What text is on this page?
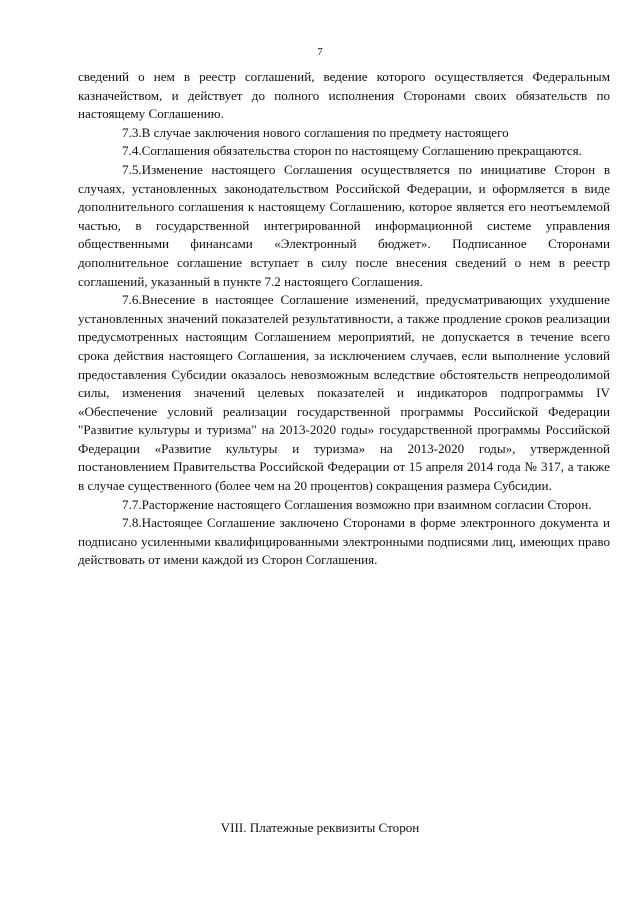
7

сведений о нем в реестр соглашений, ведение которого осуществляется Федеральным казначейством, и действует до полного исполнения Сторонами своих обязательств по настоящему Соглашению.

7.3.В случае заключения нового соглашения по предмету настоящего

7.4.Соглашения обязательства сторон по настоящему Соглашению прекращаются.

7.5.Изменение настоящего Соглашения осуществляется по инициативе Сторон в случаях, установленных законодательством Российской Федерации, и оформляется в виде дополнительного соглашения к настоящему Соглашению, которое является его неотъемлемой частью, в государственной интегрированной информационной системе управления общественными финансами «Электронный бюджет». Подписанное Сторонами дополнительное соглашение вступает в силу после внесения сведений о нем в реестр соглашений, указанный в пункте 7.2 настоящего Соглашения.

7.6.Внесение в настоящее Соглашение изменений, предусматривающих ухудшение установленных значений показателей результативности, а также продление сроков реализации предусмотренных настоящим Соглашением мероприятий, не допускается в течение всего срока действия настоящего Соглашения, за исключением случаев, если выполнение условий предоставления Субсидии оказалось невозможным вследствие обстоятельств непреодолимой силы, изменения значений целевых показателей и индикаторов подпрограммы IV «Обеспечение условий реализации государственной программы Российской Федерации "Развитие культуры и туризма" на 2013-2020 годы» государственной программы Российской Федерации «Развитие культуры и туризма» на 2013-2020 годы», утвержденной постановлением Правительства Российской Федерации от 15 апреля 2014 года № 317, а также в случае существенного (более чем на 20 процентов) сокращения размера Субсидии.

7.7.Расторжение настоящего Соглашения возможно при взаимном согласии Сторон.

7.8.Настоящее Соглашение заключено Сторонами в форме электронного документа и подписано усиленными квалифицированными электронными подписями лиц, имеющих право действовать от имени каждой из Сторон Соглашения.

VIII. Платежные реквизиты Сторон
